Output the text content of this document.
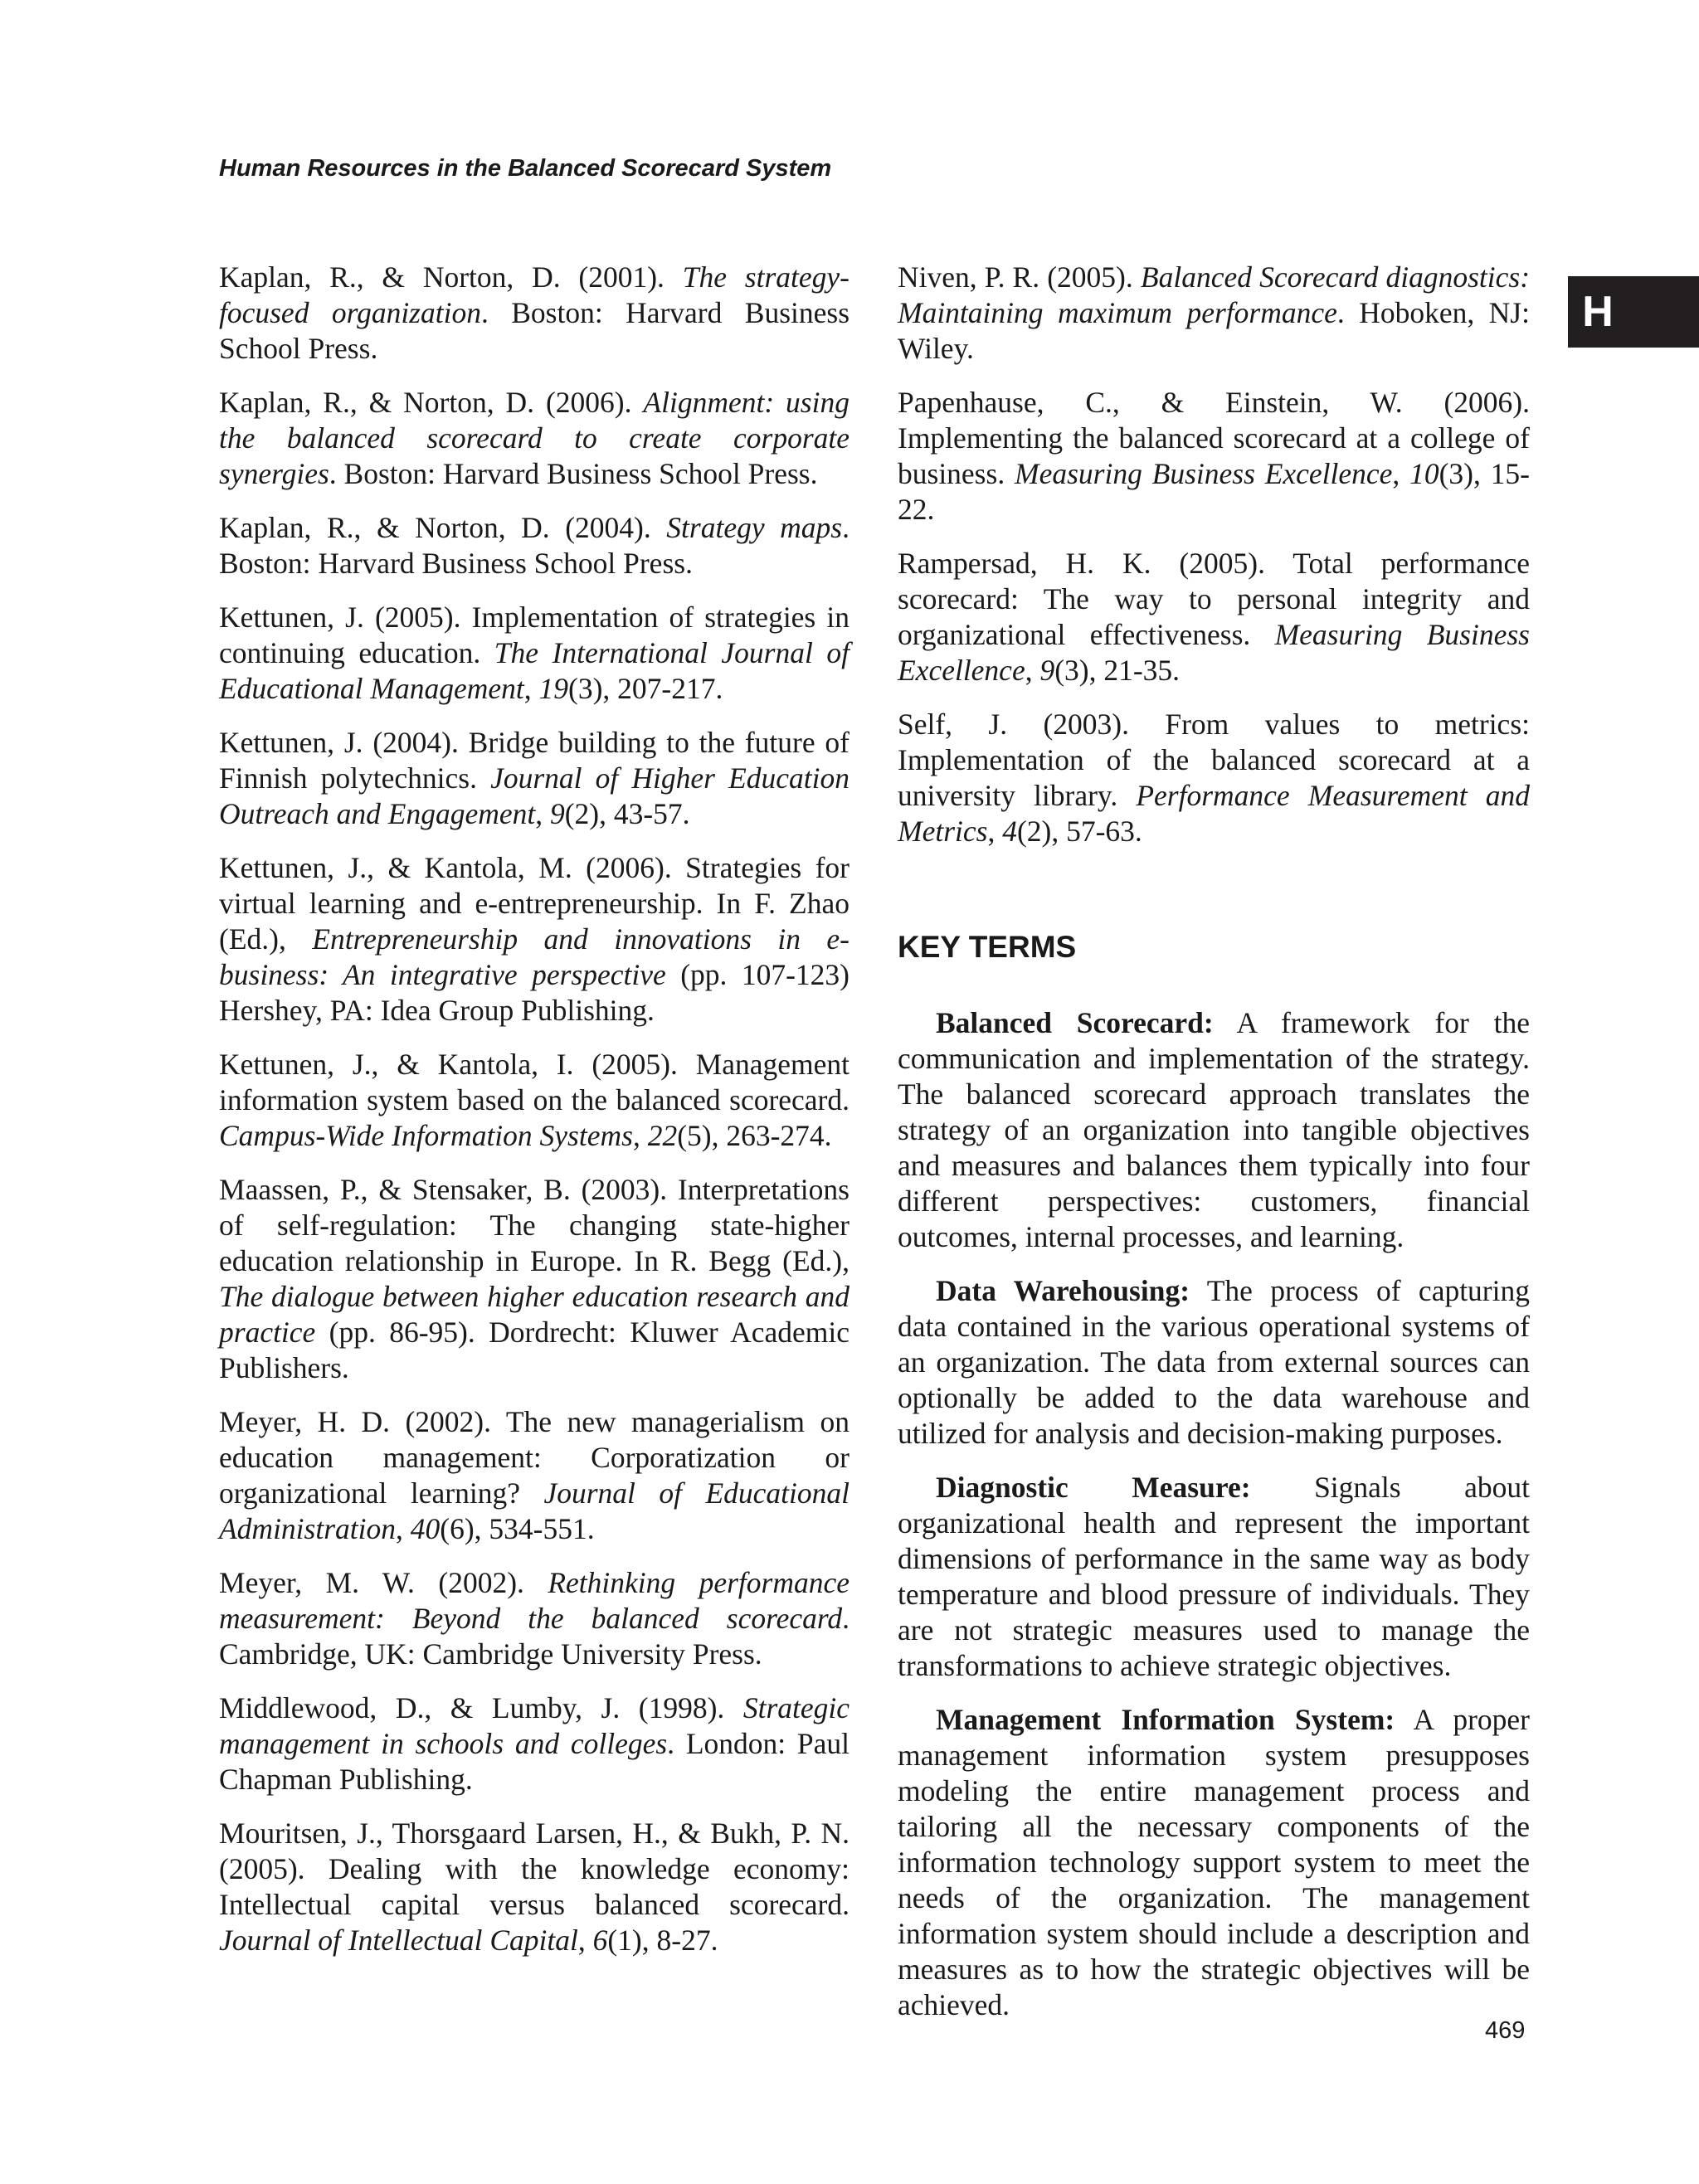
Human Resources in the Balanced Scorecard System
H

Kaplan, R., & Norton, D. (2001). The strategy-focused organization. Boston: Harvard Business School Press.

Kaplan, R., & Norton, D. (2006). Alignment: using the balanced scorecard to create corporate synergies. Boston: Harvard Business School Press.

Kaplan, R., & Norton, D. (2004). Strategy maps. Boston: Harvard Business School Press.

Kettunen, J. (2005). Implementation of strategies in continuing education. The International Journal of Educational Management, 19(3), 207-217.

Kettunen, J. (2004). Bridge building to the future of Finnish polytechnics. Journal of Higher Education Outreach and Engagement, 9(2), 43-57.

Kettunen, J., & Kantola, M. (2006). Strategies for virtual learning and e-entrepreneurship. In F. Zhao (Ed.), Entrepreneurship and innovations in e-business: An integrative perspective (pp. 107-123) Hershey, PA: Idea Group Publishing.

Kettunen, J., & Kantola, I. (2005). Management information system based on the balanced scorecard. Campus-Wide Information Systems, 22(5), 263-274.

Maassen, P., & Stensaker, B. (2003). Interpretations of self-regulation: The changing state-higher education relationship in Europe. In R. Begg (Ed.), The dialogue between higher education research and practice (pp. 86-95). Dordrecht: Kluwer Academic Publishers.

Meyer, H. D. (2002). The new managerialism on education management: Corporatization or organizational learning? Journal of Educational Administration, 40(6), 534-551.

Meyer, M. W. (2002). Rethinking performance measurement: Beyond the balanced scorecard. Cambridge, UK: Cambridge University Press.

Middlewood, D., & Lumby, J. (1998). Strategic management in schools and colleges. London: Paul Chapman Publishing.

Mouritsen, J., Thorsgaard Larsen, H., & Bukh, P. N. (2005). Dealing with the knowledge economy: Intellectual capital versus balanced scorecard. Journal of Intellectual Capital, 6(1), 8-27.

Niven, P. R. (2005). Balanced Scorecard diagnostics: Maintaining maximum performance. Hoboken, NJ: Wiley.

Papenhause, C., & Einstein, W. (2006). Implementing the balanced scorecard at a college of business. Measuring Business Excellence, 10(3), 15-22.

Rampersad, H. K. (2005). Total performance scorecard: The way to personal integrity and organizational effectiveness. Measuring Business Excellence, 9(3), 21-35.

Self, J. (2003). From values to metrics: Implementation of the balanced scorecard at a university library. Performance Measurement and Metrics, 4(2), 57-63.

KEY TERMS

Balanced Scorecard: A framework for the communication and implementation of the strategy. The balanced scorecard approach translates the strategy of an organization into tangible objectives and measures and balances them typically into four different perspectives: customers, financial outcomes, internal processes, and learning.

Data Warehousing: The process of capturing data contained in the various operational systems of an organization. The data from external sources can optionally be added to the data warehouse and utilized for analysis and decision-making purposes.

Diagnostic Measure: Signals about organizational health and represent the important dimensions of performance in the same way as body temperature and blood pressure of individuals. They are not strategic measures used to manage the transformations to achieve strategic objectives.

Management Information System: A proper management information system presupposes modeling the entire management process and tailoring all the necessary components of the information technology support system to meet the needs of the organization. The management information system should include a description and measures as to how the strategic objectives will be achieved.

469
